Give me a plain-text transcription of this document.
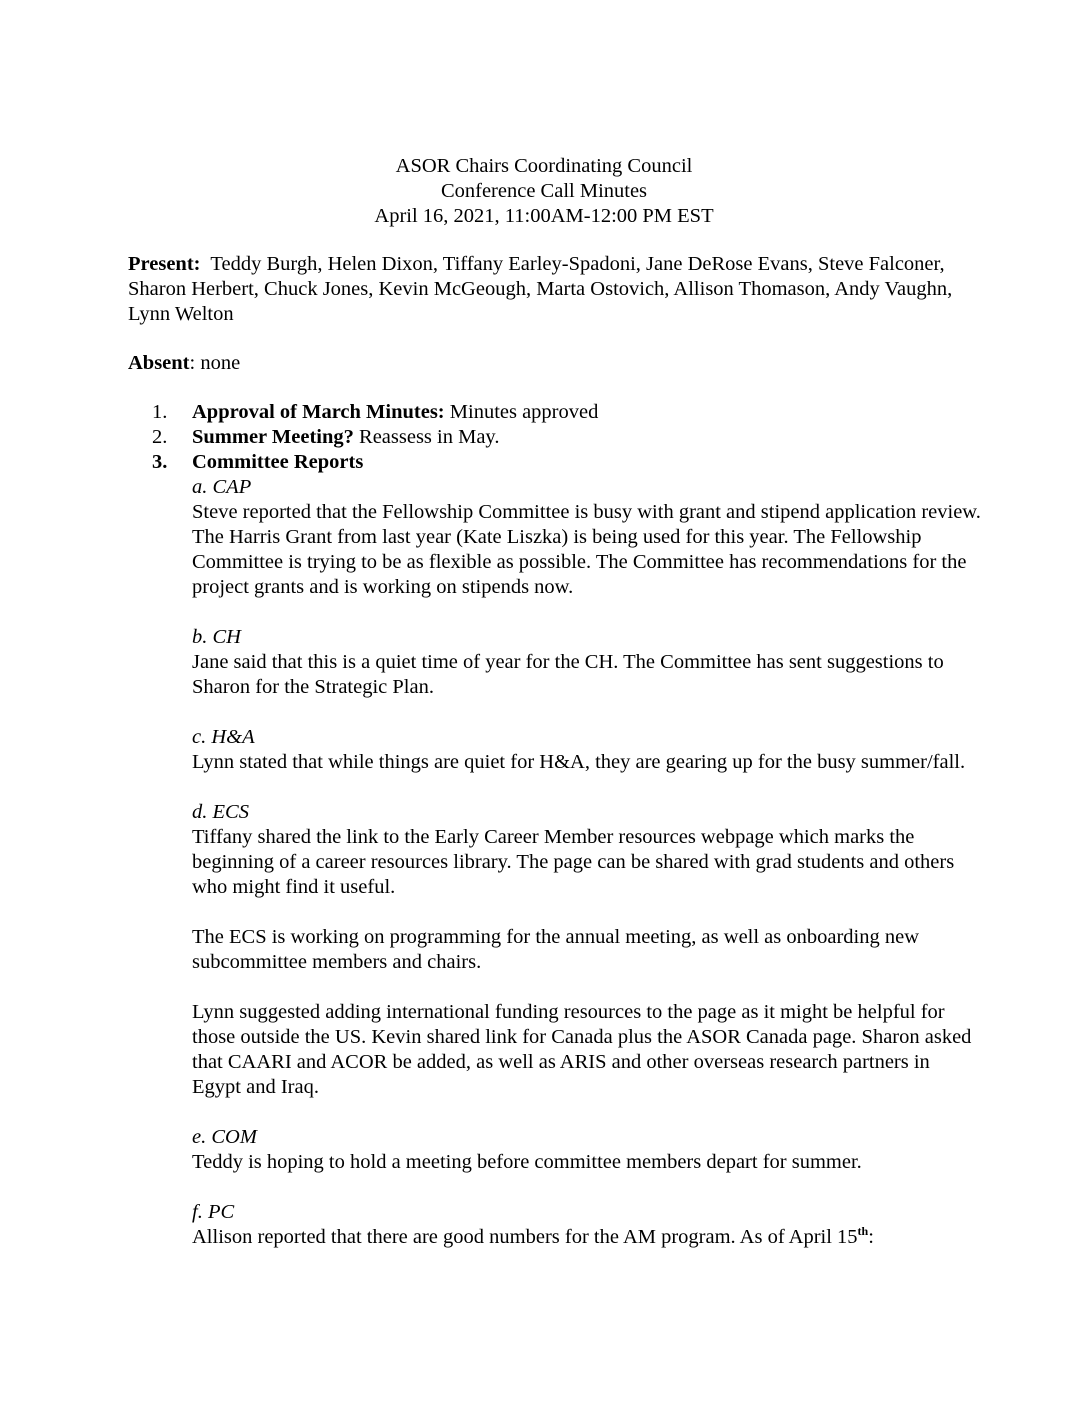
ASOR Chairs Coordinating Council
Conference Call Minutes
April 16, 2021, 11:00AM-12:00 PM EST
Present: Teddy Burgh, Helen Dixon, Tiffany Earley-Spadoni, Jane DeRose Evans, Steve Falconer, Sharon Herbert, Chuck Jones, Kevin McGeough, Marta Ostovich, Allison Thomason, Andy Vaughn, Lynn Welton
Absent: none
1.	Approval of March Minutes: Minutes approved
2.	Summer Meeting? Reassess in May.
3.	Committee Reports
a. CAP

Steve reported that the Fellowship Committee is busy with grant and stipend application review. The Harris Grant from last year (Kate Liszka) is being used for this year. The Fellowship Committee is trying to be as flexible as possible. The Committee has recommendations for the project grants and is working on stipends now.

b. CH

Jane said that this is a quiet time of year for the CH. The Committee has sent suggestions to Sharon for the Strategic Plan.

c. H&A

Lynn stated that while things are quiet for H&A, they are gearing up for the busy summer/fall.

d. ECS

Tiffany shared the link to the Early Career Member resources webpage which marks the beginning of a career resources library. The page can be shared with grad students and others who might find it useful.

The ECS is working on programming for the annual meeting, as well as onboarding new subcommittee members and chairs.

Lynn suggested adding international funding resources to the page as it might be helpful for those outside the US. Kevin shared link for Canada plus the ASOR Canada page. Sharon asked that CAARI and ACOR be added, as well as ARIS and other overseas research partners in Egypt and Iraq.

e. COM

Teddy is hoping to hold a meeting before committee members depart for summer.

f. PC

Allison reported that there are good numbers for the AM program. As of April 15th:
